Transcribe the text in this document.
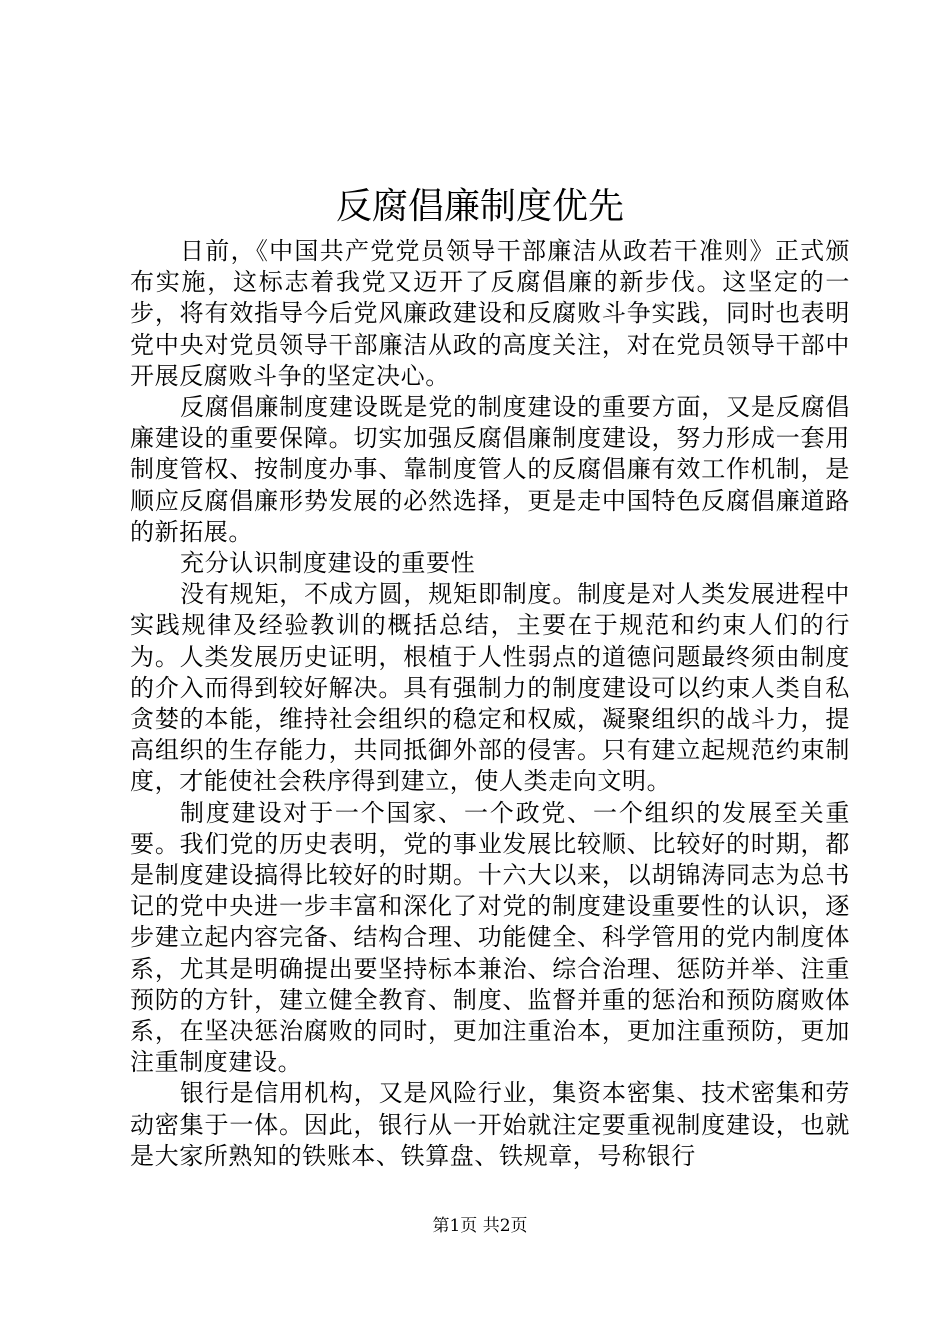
反腐倡廉制度优先

日前，《中国共产党党员领导干部廉洁从政若干准则》正式颁布实施，这标志着我党又迈开了反腐倡廉的新步伐。这坚定的一步，将有效指导今后党风廉政建设和反腐败斗争实践，同时也表明党中央对党员领导干部廉洁从政的高度关注，对在党员领导干部中开展反腐败斗争的坚定决心。

反腐倡廉制度建设既是党的制度建设的重要方面，又是反腐倡廉建设的重要保障。切实加强反腐倡廉制度建设，努力形成一套用制度管权、按制度办事、靠制度管人的反腐倡廉有效工作机制，是顺应反腐倡廉形势发展的必然选择，更是走中国特色反腐倡廉道路的新拓展。

充分认识制度建设的重要性

没有规矩，不成方圆，规矩即制度。制度是对人类发展进程中实践规律及经验教训的概括总结，主要在于规范和约束人们的行为。人类发展历史证明，根植于人性弱点的道德问题最终须由制度的介入而得到较好解决。具有强制力的制度建设可以约束人类自私贪婪的本能，维持社会组织的稳定和权威，凝聚组织的战斗力，提高组织的生存能力，共同抵御外部的侵害。只有建立起规范约束制度，才能使社会秩序得到建立，使人类走向文明。

制度建设对于一个国家、一个政党、一个组织的发展至关重要。我们党的历史表明，党的事业发展比较顺、比较好的时期，都是制度建设搞得比较好的时期。十六大以来，以胡锦涛同志为总书记的党中央进一步丰富和深化了对党的制度建设重要性的认识，逐步建立起内容完备、结构合理、功能健全、科学管用的党内制度体系，尤其是明确提出要坚持标本兼治、综合治理、惩防并举、注重预防的方针，建立健全教育、制度、监督并重的惩治和预防腐败体系，在坚决惩治腐败的同时，更加注重治本，更加注重预防，更加注重制度建设。

银行是信用机构，又是风险行业，集资本密集、技术密集和劳动密集于一体。因此，银行从一开始就注定要重视制度建设，也就是大家所熟知的铁账本、铁算盘、铁规章，号称银行

第1页 共2页
